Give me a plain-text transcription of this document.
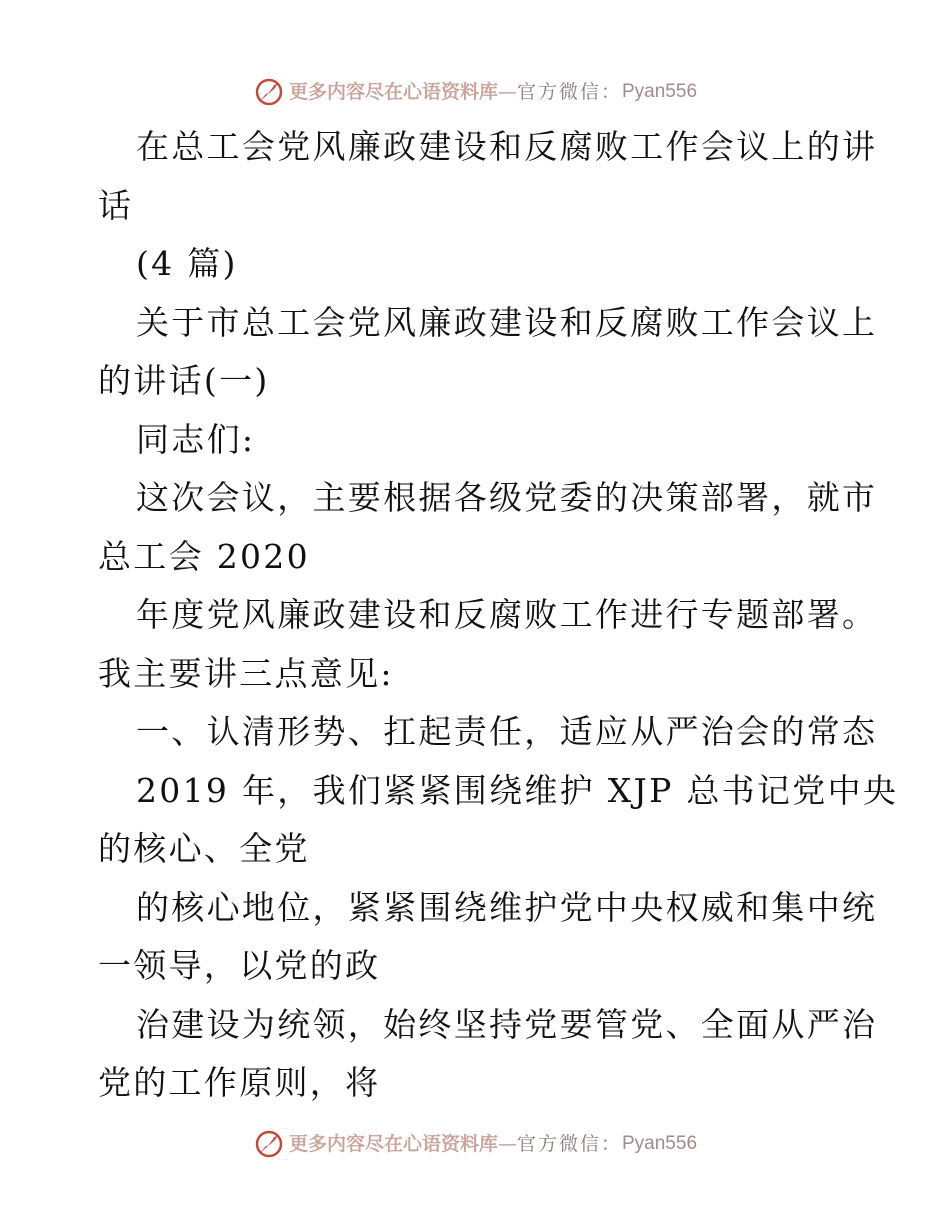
更多内容尽在心语资料库—官方微信：Pyan556
在总工会党风廉政建设和反腐败工作会议上的讲
话
(4 篇)
关于市总工会党风廉政建设和反腐败工作会议上
的讲话(一)
同志们:
这次会议，主要根据各级党委的决策部署，就市
总工会 2020
年度党风廉政建设和反腐败工作进行专题部署。
我主要讲三点意见:
一、认清形势、扛起责任，适应从严治会的常态
2019 年，我们紧紧围绕维护 XJP 总书记党中央
的核心、全党
的核心地位，紧紧围绕维护党中央权威和集中统
一领导，以党的政
治建设为统领，始终坚持党要管党、全面从严治
党的工作原则，将
更多内容尽在心语资料库—官方微信：Pyan556
